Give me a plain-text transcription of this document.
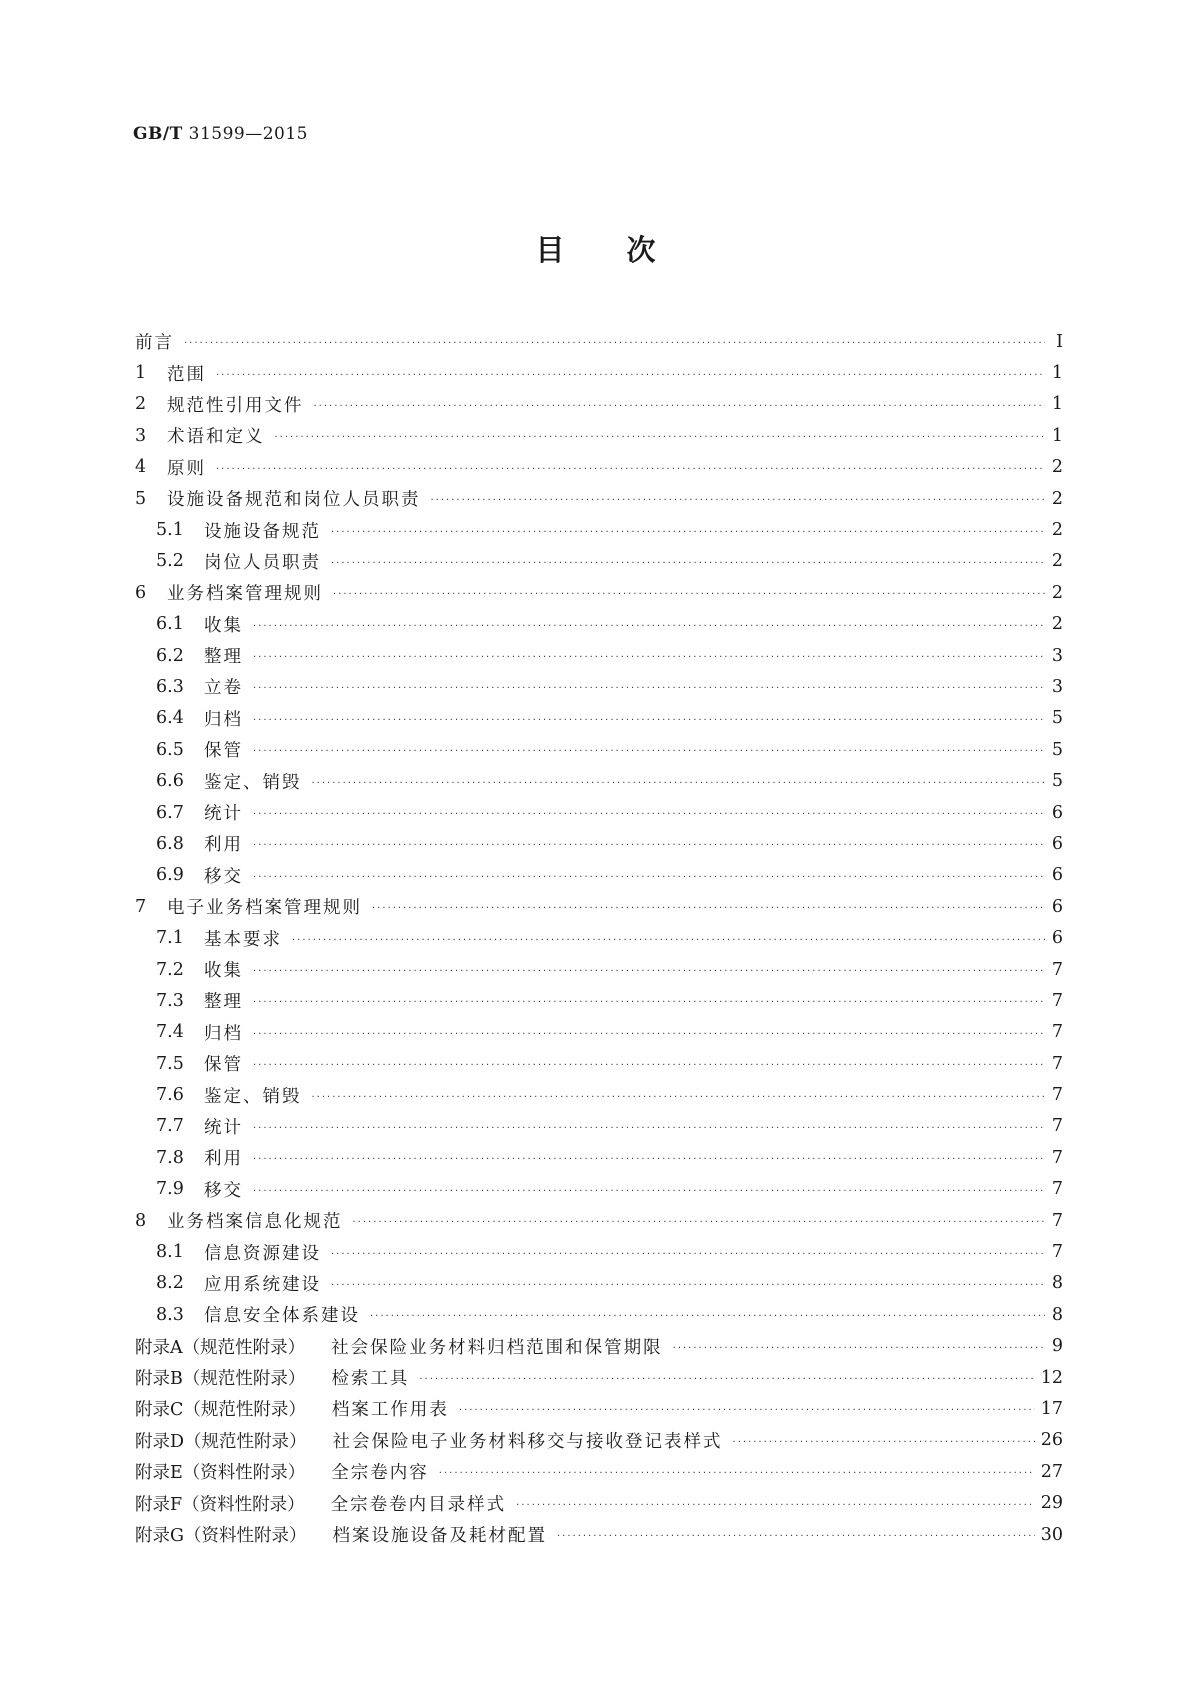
GB/T 31599—2015
目 次
前言 ·····	Ⅰ
1	范围 ·····	1
2	规范性引用文件 ·····	1
3	术语和定义 ·····	1
4	原则 ·····	2
5	设施设备规范和岗位人员职责 ·····	2
5.1	设施设备规范 ·····	2
5.2	岗位人员职责 ·····	2
6	业务档案管理规则 ·····	2
6.1	收集 ·····	2
6.2	整理 ·····	3
6.3	立卷 ·····	3
6.4	归档 ·····	5
6.5	保管 ·····	5
6.6	鉴定、销毁 ·····	5
6.7	统计 ·····	6
6.8	利用 ·····	6
6.9	移交 ·····	6
7	电子业务档案管理规则 ·····	6
7.1	基本要求 ·····	6
7.2	收集 ·····	7
7.3	整理 ·····	7
7.4	归档 ·····	7
7.5	保管 ·····	7
7.6	鉴定、销毁 ·····	7
7.7	统计 ·····	7
7.8	利用 ·····	7
7.9	移交 ·····	7
8	业务档案信息化规范 ·····	7
8.1	信息资源建设 ·····	7
8.2	应用系统建设 ·····	8
8.3	信息安全体系建设 ·····	8
附录A （规范性附录） 社会保险业务材料归档范围和保管期限 ·····	9
附录B （规范性附录） 检索工具 ·····	12
附录C （规范性附录） 档案工作用表 ·····	17
附录D （规范性附录） 社会保险电子业务材料移交与接收登记表样式 ·····	26
附录E （资料性附录） 全宗卷内容 ·····	27
附录F （资料性附录） 全宗卷卷内目录样式 ·····	29
附录G （资料性附录） 档案设施设备及耗材配置 ·····	30
